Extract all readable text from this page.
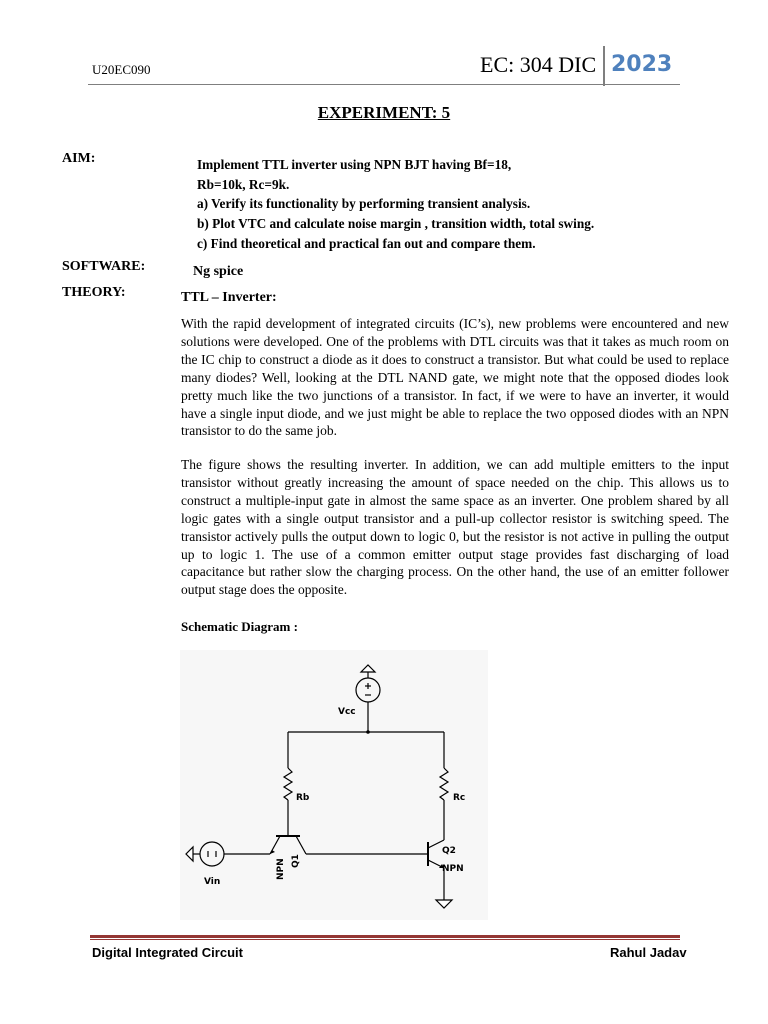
U20EC090	EC: 304 DIC 2023
EXPERIMENT: 5
AIM:	Implement TTL inverter using NPN BJT having Bf=18,
Rb=10k, Rc=9k.
a) Verify its functionality by performing transient analysis.
b) Plot VTC and calculate noise margin , transition width, total swing.
c) Find theoretical and practical fan out and compare them.
SOFTWARE:	Ng spice
THEORY:	TTL – Inverter:
With the rapid development of integrated circuits (IC’s), new problems were encountered and new solutions were developed. One of the problems with DTL circuits was that it takes as much room on the IC chip to construct a diode as it does to construct a transistor. But what could be used to replace many diodes? Well, looking at the DTL NAND gate, we might note that the opposed diodes look pretty much like the two junctions of a transistor. In fact, if we were to have an inverter, it would have a single input diode, and we just might be able to replace the two opposed diodes with an NPN transistor to do the same job.
The figure shows the resulting inverter. In addition, we can add multiple emitters to the input transistor without greatly increasing the amount of space needed on the chip. This allows us to construct a multiple-input gate in almost the same space as an inverter. One problem shared by all logic gates with a single output transistor and a pull-up collector resistor is switching speed. The transistor actively pulls the output down to logic 0, but the resistor is not active in pulling the output up to logic 1. The use of a common emitter output stage provides fast discharging of load capacitance but rather slow the charging process. On the other hand, the use of an emitter follower output stage does the opposite.
Schematic Diagram :
Vcc
Rb	Rc
Q1
NPN
Q2
NPN
Vin
Digital Integrated Circuit	Rahul Jadav
